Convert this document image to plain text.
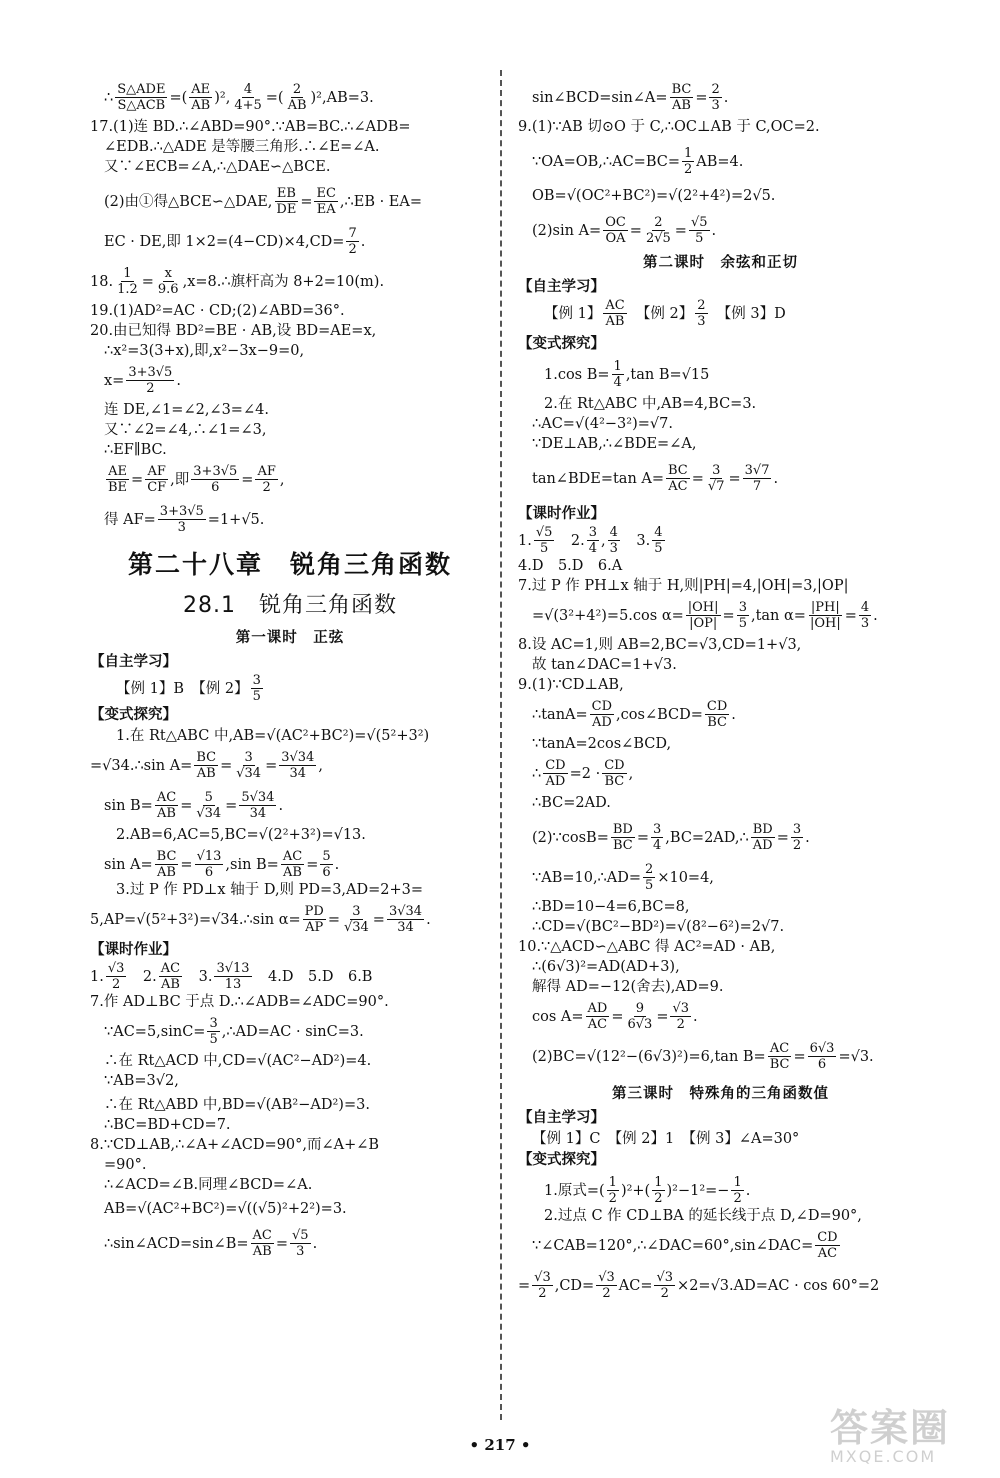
∴ $\frac{\text{S△ADE}}{\text{S△ACB}}$ =( $\frac{AE}{AB} )^2$, $\frac{4}{4+5}$ =( $\frac{2}{AB} )^2,AB=3$.
17.(1)连 BD.∴∠ABD=90°.∵AB=BC.∴∠ADB=
∠EDB.∴△ADE 是等腰三角形.∴∠E=∠A.
又∵∠ECB=∠A,∴△DAE∽△BCE.
(2)由①得△BCE∽△DAE, $\frac{EB}{DE} = \frac{EC}{EA}$ ,∴EB · EA=
EC · DE,即 $1\times 2=(4-CD)\times 4,CD= \frac{7}{2}$ .
18. $\frac{1}{1.2} = \frac{x}{9.6}$ ,x=8.∴旗杆高为 8+2=10(m).
19.(1)AD²=AC · CD;(2)∠ABD=36°.
20.由已知得 BD²=BE · AB,设 BD=AE=x,
∴x²=3(3+x),即,x²−3x−9=0,
$x= \frac{3+3√5}{2}$ .
连 DE,∠1=∠2,∠3=∠4.
又∵∠2=∠4,∴∠1=∠3,
∴EF∥BC.
$\frac{AE}{BE} = \frac{AF}{CF}$ ,即 $\frac{3+3√5}{6} = \frac{AF}{2}$ ,
得 $AF= \frac{3+3√5}{3} =1+√5$.
第二十八章　锐角三角函数
28.1　锐角三角函数
第一课时　正弦
【自主学习】
【例 1】B　【例 2】 $\frac{3}{5}$
【变式探究】
1.在 Rt△ABC 中,AB=√(AC²+BC²)=√(5²+3²)
=√34.∴sin $A= \frac{BC}{AB} = \frac{3}{√34} = \frac{3√34}{34}$ ,
$\sin B= \frac{AC}{AB} = \frac{5}{√34} = \frac{5√34}{34}$ .
2.AB=6,AC=5,BC=√(2²+3²)=√13.
$\sin A= \frac{BC}{AB} = \frac{√13}{6} ,\sin$ $B= \frac{AC}{AB} = \frac{5}{6}$ .
3.过 P 作 PD⊥x 轴于 D,则 PD=3,AD=2+3=
5,AP=√(5²+3²)=√34.∴sin $\alpha= \frac{PD}{AP} = \frac{3}{√34} = \frac{3√34}{34}$ .
【课时作业】
1. $\frac{√3}{2}$ 　2. $\frac{AC}{AB}$ 　3. $\frac{3√13}{13}$ 　4.D　5.D　6.B
7.作 AD⊥BC 于点 D.∴∠ADB=∠ADC=90°.
∵AC=5,sinC= $\frac{3}{5}$ ,∴AD=AC · sinC=3.
∴在 Rt△ACD 中,CD=√(AC²−AD²)=4.
∵AB=3√2,
∴在 Rt△ABD 中,BD=√(AB²−AD²)=3.
∴BC=BD+CD=7.
8.∵CD⊥AB,∴∠A+∠ACD=90°,而∠A+∠B
=90°.
∴∠ACD=∠B.同理∠BCD=∠A.
AB=√(AC²+BC²)=√((√5)²+2²)=3.
∴sin∠ACD=sin∠B= $\frac{AC}{AB} = \frac{√5}{3}$ .
sin∠BCD=sin∠A= $\frac{BC}{AB} = \frac{2}{3}$ .
9.(1)∵AB 切⊙O 于 C,∴OC⊥AB 于 C,OC=2.
∵OA=OB,∴AC=BC= $\frac{1}{2} AB=4$.
OB=√(OC²+BC²)=√(2²+4²)=2√5.
(2)sin $A= \frac{OC}{OA} = \frac{2}{2√5} = \frac{√5}{5}$ .
第二课时　余弦和正切
【自主学习】
【例 1】 $\frac{AC}{AB}$ 　【例 2】 $\frac{2}{3}$ 　【例 3】D
【变式探究】
1.cos $B= \frac{1}{4} ,\tan$ B=√15
2.在 Rt△ABC 中,AB=4,BC=3.
∴AC=√(4²−3²)=√7.
∵DE⊥AB,∴∠BDE=∠A,
tan∠BDE=tan $A= \frac{BC}{AC} = \frac{3}{√7} = \frac{3√7}{7}$ .
【课时作业】
1. $\frac{√5}{5}$ 　2. $\frac{3}{4}$ , $\frac{4}{3}$ 　3. $\frac{4}{5}$
4.D　5.D　6.A
7.过 P 作 PH⊥x 轴于 H,则|PH|=4,|OH|=3,|OP|
=√(3²+4²)=5.cos $\alpha= \frac{|OH|}{|OP|} = \frac{3}{5} ,\tan$ $\alpha= \frac{|PH|}{|OH|} = \frac{4}{3}$ .
8.设 AC=1,则 AB=2,BC=√3,CD=1+√3,
故 tan∠DAC=1+√3.
9.(1)∵CD⊥AB,
∴tanA= $\frac{CD}{AD}$ ,cos∠BCD= $\frac{CD}{BC}$ .
∵tanA=2cos∠BCD,
∴ $\frac{CD}{AD} =2 \cdot \frac{CD}{BC}$ ,
∴BC=2AD.
(2)∵cosB= $\frac{BD}{BC} = \frac{3}{4}$ ,BC=2AD,∴ $\frac{BD}{AD} = \frac{3}{2}$ .
∵AB=10,∴AD= $\frac{2}{5} \times 10=4$,
∴BD=10−4=6,BC=8,
∴CD=√(BC²−BD²)=√(8²−6²)=2√7.
10.∵△ACD∽△ABC 得 AC²=AD · AB,
∴(6√3)²=AD(AD+3),
解得 AD=−12(舍去),AD=9.
$\cos A= \frac{AD}{AC} = \frac{9}{6√3} = \frac{√3}{2}$ .
(2)BC=√(12²−(6√3)²)=6,tan $B= \frac{AC}{BC} = \frac{6√3}{6} =√3$.
第三课时　特殊角的三角函数值
【自主学习】
【例 1】C　【例 2】1　【例 3】∠A=30°
【变式探究】
1.原式=( $\frac{1}{2} )^2+( \frac{1}{2} )^2-1^2=- \frac{1}{2}$ .
2.过点 C 作 CD⊥BA 的延长线于点 D,∠D=90°,
∵∠CAB=120°,∴∠DAC=60°,sin∠DAC= $\frac{CD}{AC}$
= $\frac{√3}{2} ,CD= \frac{√3}{2} AC= \frac{√3}{2} \times 2=√3.AD=AC \cdot \cos 60^\circ=2$
• 217 •	答案圈
MXQE.COM
